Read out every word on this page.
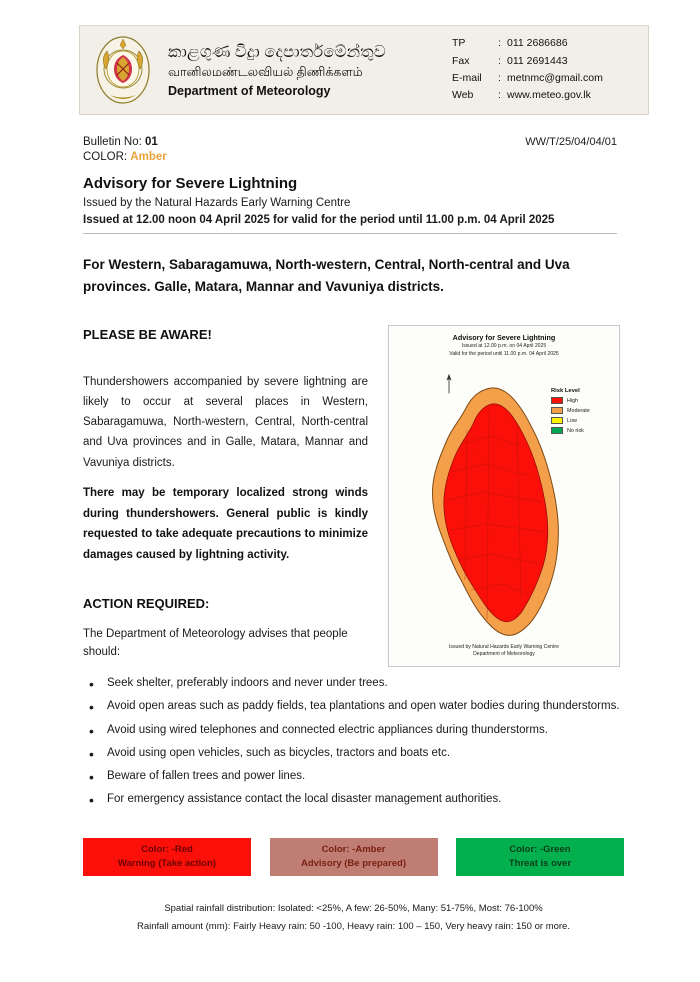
කාළගුණ විදුා දෙපාර්තමේන්තුව
வானிலமண்டலவியல் திணிக்களம்
Department of Meteorology
TP	: 011 2686686
Fax	: 011 2691443
E-mail	: metnmc@gmail.com
Web	: www.meteo.gov.lk
Bulletin No: 01	WW/T/25/04/04/01
COLOR: Amber
Advisory for Severe Lightning
Issued by the Natural Hazards Early Warning Centre
Issued at 12.00 noon 04 April 2025 for valid for the period until 11.00 p.m. 04 April 2025
For Western, Sabaragamuwa, North-western, Central, North-central and Uva provinces. Galle, Matara, Mannar and Vavuniya districts.
PLEASE BE AWARE!
Thundershowers accompanied by severe lightning are likely to occur at several places in Western, Sabaragamuwa, North-western, Central, North-central and Uva provinces and in Galle, Matara, Mannar and Vavuniya districts.
There may be temporary localized strong winds during thundershowers. General public is kindly requested to take adequate precautions to minimize damages caused by lightning activity.
ACTION REQUIRED:
The Department of Meteorology advises that people should:
• Seek shelter, preferably indoors and never under trees.
• Avoid open areas such as paddy fields, tea plantations and open water bodies during thunderstorms.
• Avoid using wired telephones and connected electric appliances during thunderstorms.
• Avoid using open vehicles, such as bicycles, tractors and boats etc.
• Beware of fallen trees and power lines.
• For emergency assistance contact the local disaster management authorities.
Advisory for Severe Lightning
Issued at 12.00 p.m. on 04 April 2025
Valid for the period until 11.00 p.m. 04 April 2025
.
Risk Level
High
Moderate
Low
No risk
Issued by Natural Hazards Early Warning Centre
Department of Meteorology
Color: -Red
Warning (Take action)
Color: -Amber
Advisory (Be prepared)
Color: -Green
Threat is over
Spatial rainfall distribution: Isolated: <25%, A few: 26-50%, Many: 51-75%, Most: 76-100%
Rainfall amount (mm): Fairly Heavy rain: 50 -100, Heavy rain: 100 – 150, Very heavy rain: 150 or more.
